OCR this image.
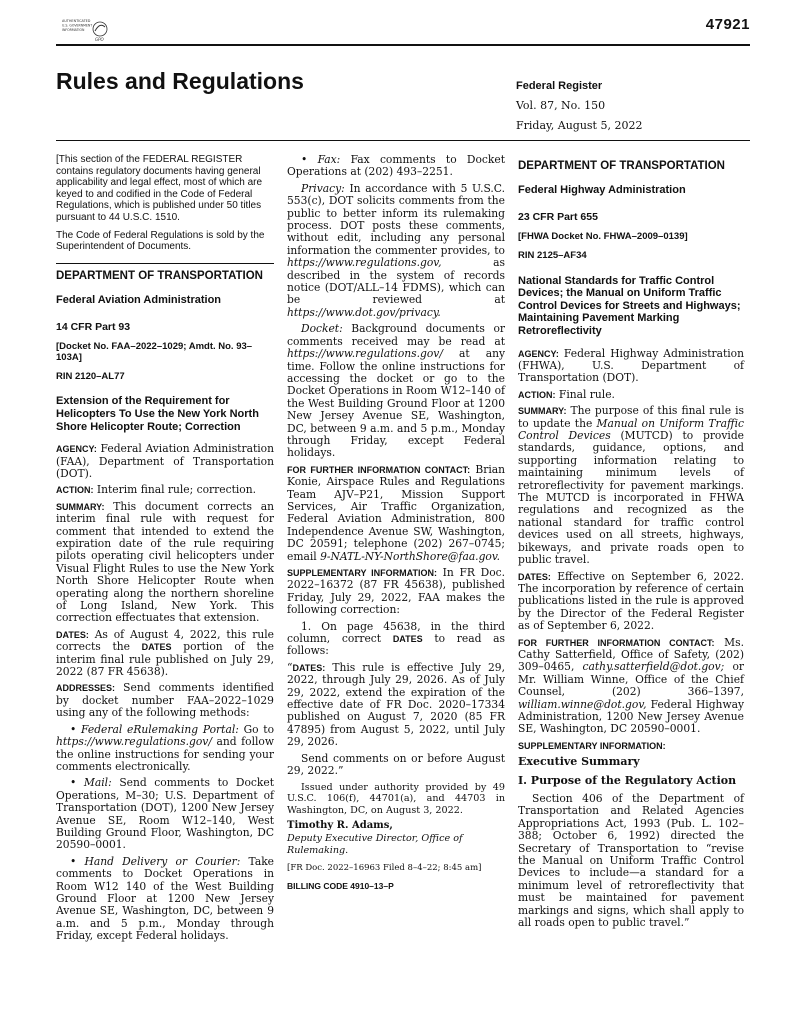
AUTHENTICATED
U.S. GOVERNMENT
INFORMATION
GPO
47921
Rules and Regulations	Federal Register
Vol. 87, No. 150
Friday, August 5, 2022

[This section of the FEDERAL REGISTER contains regulatory documents having general applicability and legal effect, most of which are keyed to and codified in the Code of Federal Regulations, which is published under 50 titles pursuant to 44 U.S.C. 1510.

The Code of Federal Regulations is sold by the Superintendent of Documents.

DEPARTMENT OF TRANSPORTATION
Federal Aviation Administration
14 CFR Part 93
[Docket No. FAA–2022–1029; Amdt. No. 93–103A]
RIN 2120–AL77
Extension of the Requirement for Helicopters To Use the New York North Shore Helicopter Route; Correction

AGENCY: Federal Aviation Administration (FAA), Department of Transportation (DOT).

ACTION: Interim final rule; correction.

SUMMARY: This document corrects an interim final rule with request for comment that intended to extend the expiration date of the rule requiring pilots operating civil helicopters under Visual Flight Rules to use the New York North Shore Helicopter Route when operating along the northern shoreline of Long Island, New York. This correction effectuates that extension.

DATES: As of August 4, 2022, this rule corrects the DATES portion of the interim final rule published on July 29, 2022 (87 FR 45638).

ADDRESSES: Send comments identified by docket number FAA–2022–1029 using any of the following methods:

• Federal eRulemaking Portal: Go to https://www.regulations.gov/ and follow the online instructions for sending your comments electronically.

• Mail: Send comments to Docket Operations, M–30; U.S. Department of Transportation (DOT), 1200 New Jersey Avenue SE, Room W12–140, West Building Ground Floor, Washington, DC 20590–0001.

• Hand Delivery or Courier: Take comments to Docket Operations in Room W12 140 of the West Building Ground Floor at 1200 New Jersey Avenue SE, Washington, DC, between 9 a.m. and 5 p.m., Monday through Friday, except Federal holidays.

• Fax: Fax comments to Docket Operations at (202) 493–2251.

Privacy: In accordance with 5 U.S.C. 553(c), DOT solicits comments from the public to better inform its rulemaking process. DOT posts these comments, without edit, including any personal information the commenter provides, to https://www.regulations.gov,	as described in the system of records notice (DOT/ALL–14 FDMS), which can be reviewed at https://www.dot.gov/privacy.

Docket: Background documents or comments received may be read at https://www.regulations.gov/ at any time. Follow the online instructions for accessing the docket or go to the Docket Operations in Room W12–140 of the West Building Ground Floor at 1200 New Jersey Avenue SE, Washington, DC, between 9 a.m. and 5 p.m., Monday through Friday, except Federal holidays.

FOR FURTHER INFORMATION CONTACT: Brian Konie, Airspace Rules and Regulations Team AJV–P21, Mission Support Services, Air Traffic Organization, Federal Aviation Administration, 800 Independence Avenue SW, Washington, DC 20591; telephone (202) 267–0745; email 9-NATL-NY-NorthShore@faa.gov.

SUPPLEMENTARY INFORMATION: In FR Doc. 2022–16372 (87 FR 45638), published Friday, July 29, 2022, FAA makes the following correction:

1. On page 45638, in the third column, correct DATES to read as follows:

“DATES: This rule is effective July 29, 2022, through July 29, 2026. As of July 29, 2022, extend the expiration of the effective date of FR Doc. 2020–17334 published on August 7, 2020 (85 FR 47895) from August 5, 2022, until July 29, 2026.

Send comments on or before August 29, 2022.”

Issued under authority provided by 49 U.S.C. 106(f), 44701(a), and 44703 in Washington, DC, on August 3, 2022.

Timothy R. Adams,
Deputy Executive Director, Office of Rulemaking.
[FR Doc. 2022–16963 Filed 8–4–22; 8:45 am]
BILLING CODE 4910–13–P
DEPARTMENT OF TRANSPORTATION
Federal Highway Administration
23 CFR Part 655
[FHWA Docket No. FHWA–2009–0139]
RIN 2125–AF34
National Standards for Traffic Control Devices; the Manual on Uniform Traffic Control Devices for Streets and Highways; Maintaining Pavement Marking Retroreflectivity

AGENCY: Federal Highway Administration (FHWA), U.S. Department of Transportation (DOT).

ACTION: Final rule.

SUMMARY: The purpose of this final rule is to update the Manual on Uniform Traffic Control Devices (MUTCD) to provide standards, guidance, options, and supporting information relating to maintaining minimum levels of retroreflectivity for pavement markings. The MUTCD is incorporated in FHWA regulations and recognized as the national standard for traffic control devices used on all streets, highways, bikeways, and private roads open to public travel.

DATES: Effective on September 6, 2022. The incorporation by reference of certain publications listed in the rule is approved by the Director of the Federal Register as of September 6, 2022.

FOR FURTHER INFORMATION CONTACT: Ms. Cathy Satterfield, Office of Safety, (202) 309–0465, cathy.satterfield@dot.gov; or Mr. William Winne, Office of the Chief Counsel, (202) 366–1397, william.winne@dot.gov, Federal Highway Administration, 1200 New Jersey Avenue SE, Washington, DC 20590–0001.

SUPPLEMENTARY INFORMATION:

Executive Summary
I. Purpose of the Regulatory Action

Section 406 of the Department of Transportation and Related Agencies Appropriations Act, 1993 (Pub. L. 102–388; October 6, 1992) directed the Secretary of Transportation to “revise the Manual on Uniform Traffic Control Devices to include—a standard for a minimum level of retroreflectivity that must be maintained for pavement markings and signs, which shall apply to all roads open to public travel.”
